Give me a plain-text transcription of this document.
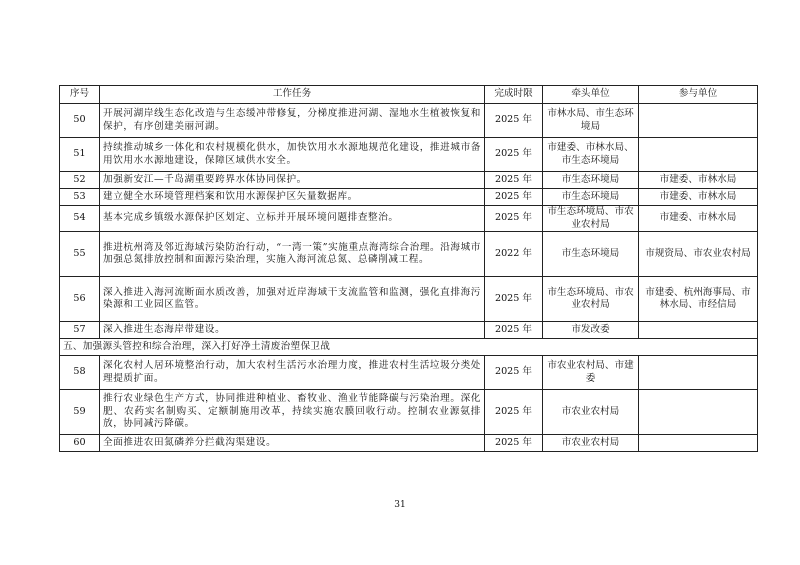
序号	工作任务	完成时限	牵头单位	参与单位
50	开展河湖岸线生态化改造与生态缓冲带修复，分梯度推进河湖、湿地水生植被恢复和保护，有序创建美丽河湖。	2025 年	市林水局、市生态环境局	
51	持续推动城乡一体化和农村规模化供水，加快饮用水水源地规范化建设，推进城市备用饮用水水源地建设，保障区域供水安全。	2025 年	市建委、市林水局、市生态环境局	
52	加强新安江—千岛湖重要跨界水体协同保护。	2025 年	市生态环境局	市建委、市林水局
53	建立健全水环境管理档案和饮用水源保护区矢量数据库。	2025 年	市生态环境局	市建委、市林水局
54	基本完成乡镇级水源保护区划定、立标并开展环境问题排查整治。	2025 年	市生态环境局、市农业农村局	市建委、市林水局
55	推进杭州湾及邻近海域污染防治行动，“一湾一策”实施重点海湾综合治理。沿海城市加强总氮排放控制和面源污染治理，实施入海河流总氮、总磷削减工程。	2022 年	市生态环境局	市规资局、市农业农村局
56	深入推进入海河流断面水质改善，加强对近岸海域干支流监管和监测，强化直排海污染源和工业园区监管。	2025 年	市生态环境局、市农业农村局	市建委、杭州海事局、市林水局、市经信局
57	深入推进生态海岸带建设。	2025 年	市发改委	
五、加强源头管控和综合治理，深入打好净土清废治塑保卫战				
58	深化农村人居环境整治行动，加大农村生活污水治理力度，推进农村生活垃圾分类处理提质扩面。	2025 年	市农业农村局、市建委	
59	推行农业绿色生产方式，协同推进种植业、畜牧业、渔业节能降碳与污染治理。深化肥、农药实名制购买、定额制施用改革，持续实施农膜回收行动。控制农业源氨排放，协同减污降碳。	2025 年	市农业农村局	
60	全面推进农田氮磷养分拦截沟渠建设。	2025 年	市农业农村局	
31
